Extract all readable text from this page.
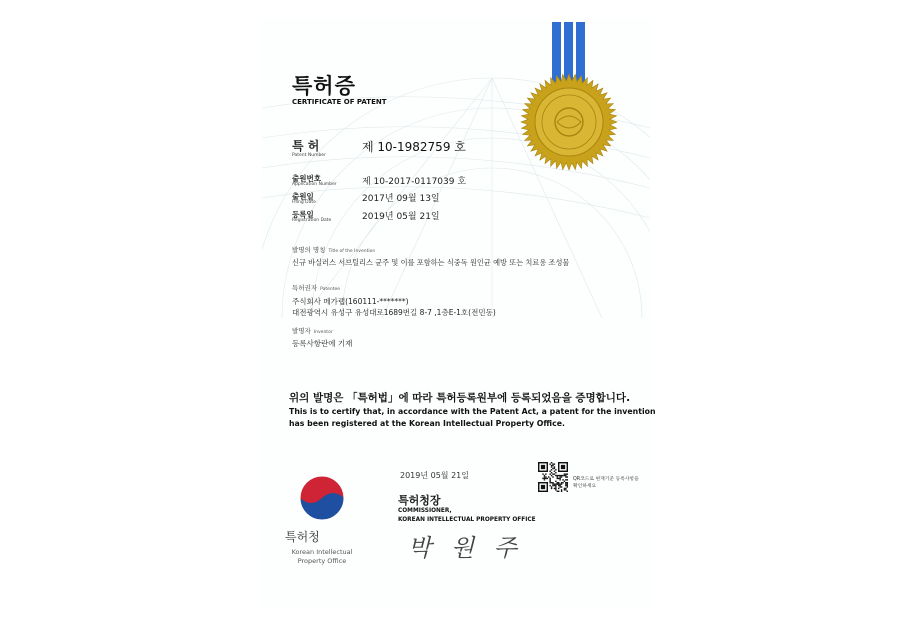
특허증
CERTIFICATE OF PATENT
특 허
Patent Number
제 10-1982759 호
출원번호
Application Number	제 10-2017-0117039 호
출원일
Filing Date	2017년 09월 13일
등록일
Registration Date	2019년 05월 21일
발명의 명칭 Title of the Invention
신규 바실러스 서브틸리스 균주 및 이를 포함하는 식중독 원인균 예방 또는 치료용 조성물
특허권자 Patentee
주식회사 메가랩(160111-*******)
대전광역시 유성구 유성대로1689번길 8-7 ,1층E-1호(전민동)
발명자 Inventor
등록사항란에 기재
위의 발명은 「특허법」에 따라 특허등록원부에 등록되었음을 증명합니다.
This is to certify that, in accordance with the Patent Act, a patent for the invention
has been registered at the Korean Intellectual Property Office.
2019년 05월 21일	QR코드로 현재기준 등록사항을 확인하세요
특허청장
COMMISSIONER,
KOREAN INTELLECTUAL PROPERTY OFFICE
박 원 주
특허청
Korean Intellectual Property Office
